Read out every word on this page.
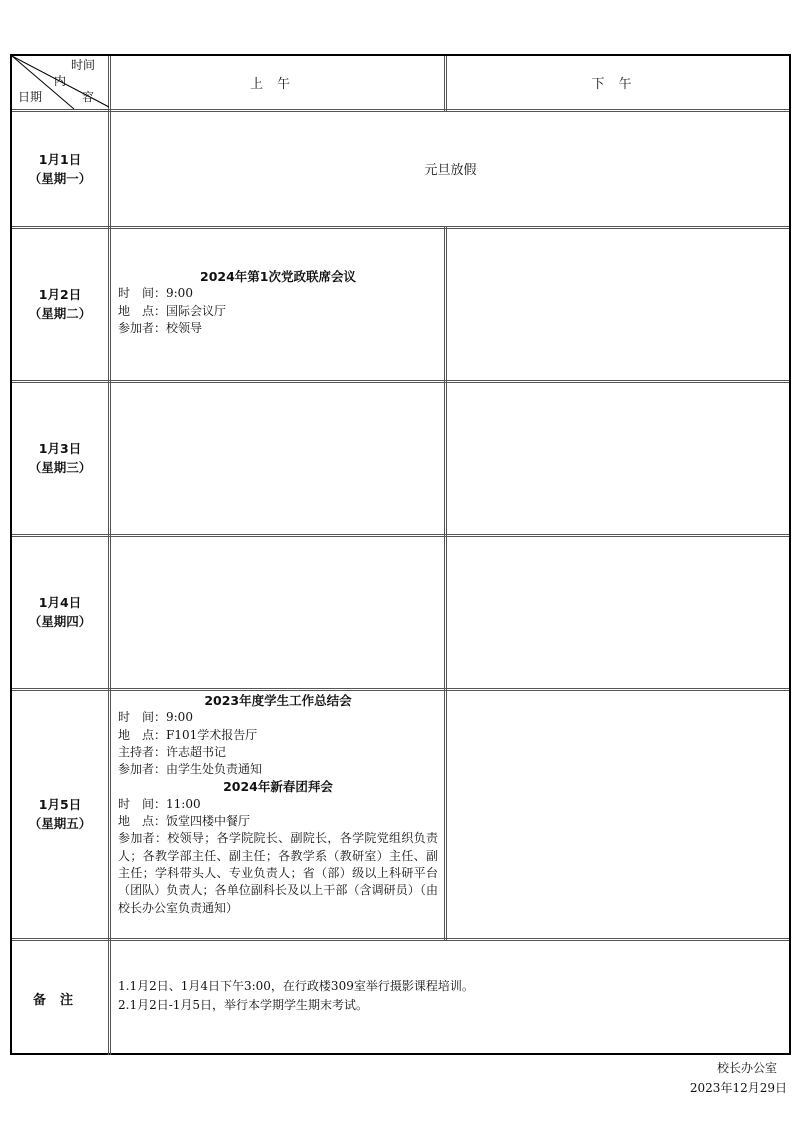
时间
内
容
日期
上午	下午
1月1日
（星期一）	元旦放假
1月2日
（星期二）
2024年第1次党政联席会议
时　间：9:00
地　点：国际会议厅
参加者：校领导
1月3日
（星期三）
1月4日
（星期四）
1月5日
（星期五）
2023年度学生工作总结会
时　间：9:00
地　点：F101学术报告厅
主持者：许志超书记
参加者：由学生处负责通知
2024年新春团拜会
时　间：11:00
地　点：饭堂四楼中餐厅
参加者：校领导；各学院院长、副院长，各学院党组织负责人；各教学部主任、副主任；各教学系（教研室）主任、副主任；学科带头人、专业负责人；省（部）级以上科研平台（团队）负责人；各单位副科长及以上干部（含调研员）（由校长办公室负责通知）
备注
1.1月2日、1月4日下午3:00，在行政楼309室举行摄影课程培训。
2.1月2日-1月5日，举行本学期学生期末考试。
校长办公室
2023年12月29日
